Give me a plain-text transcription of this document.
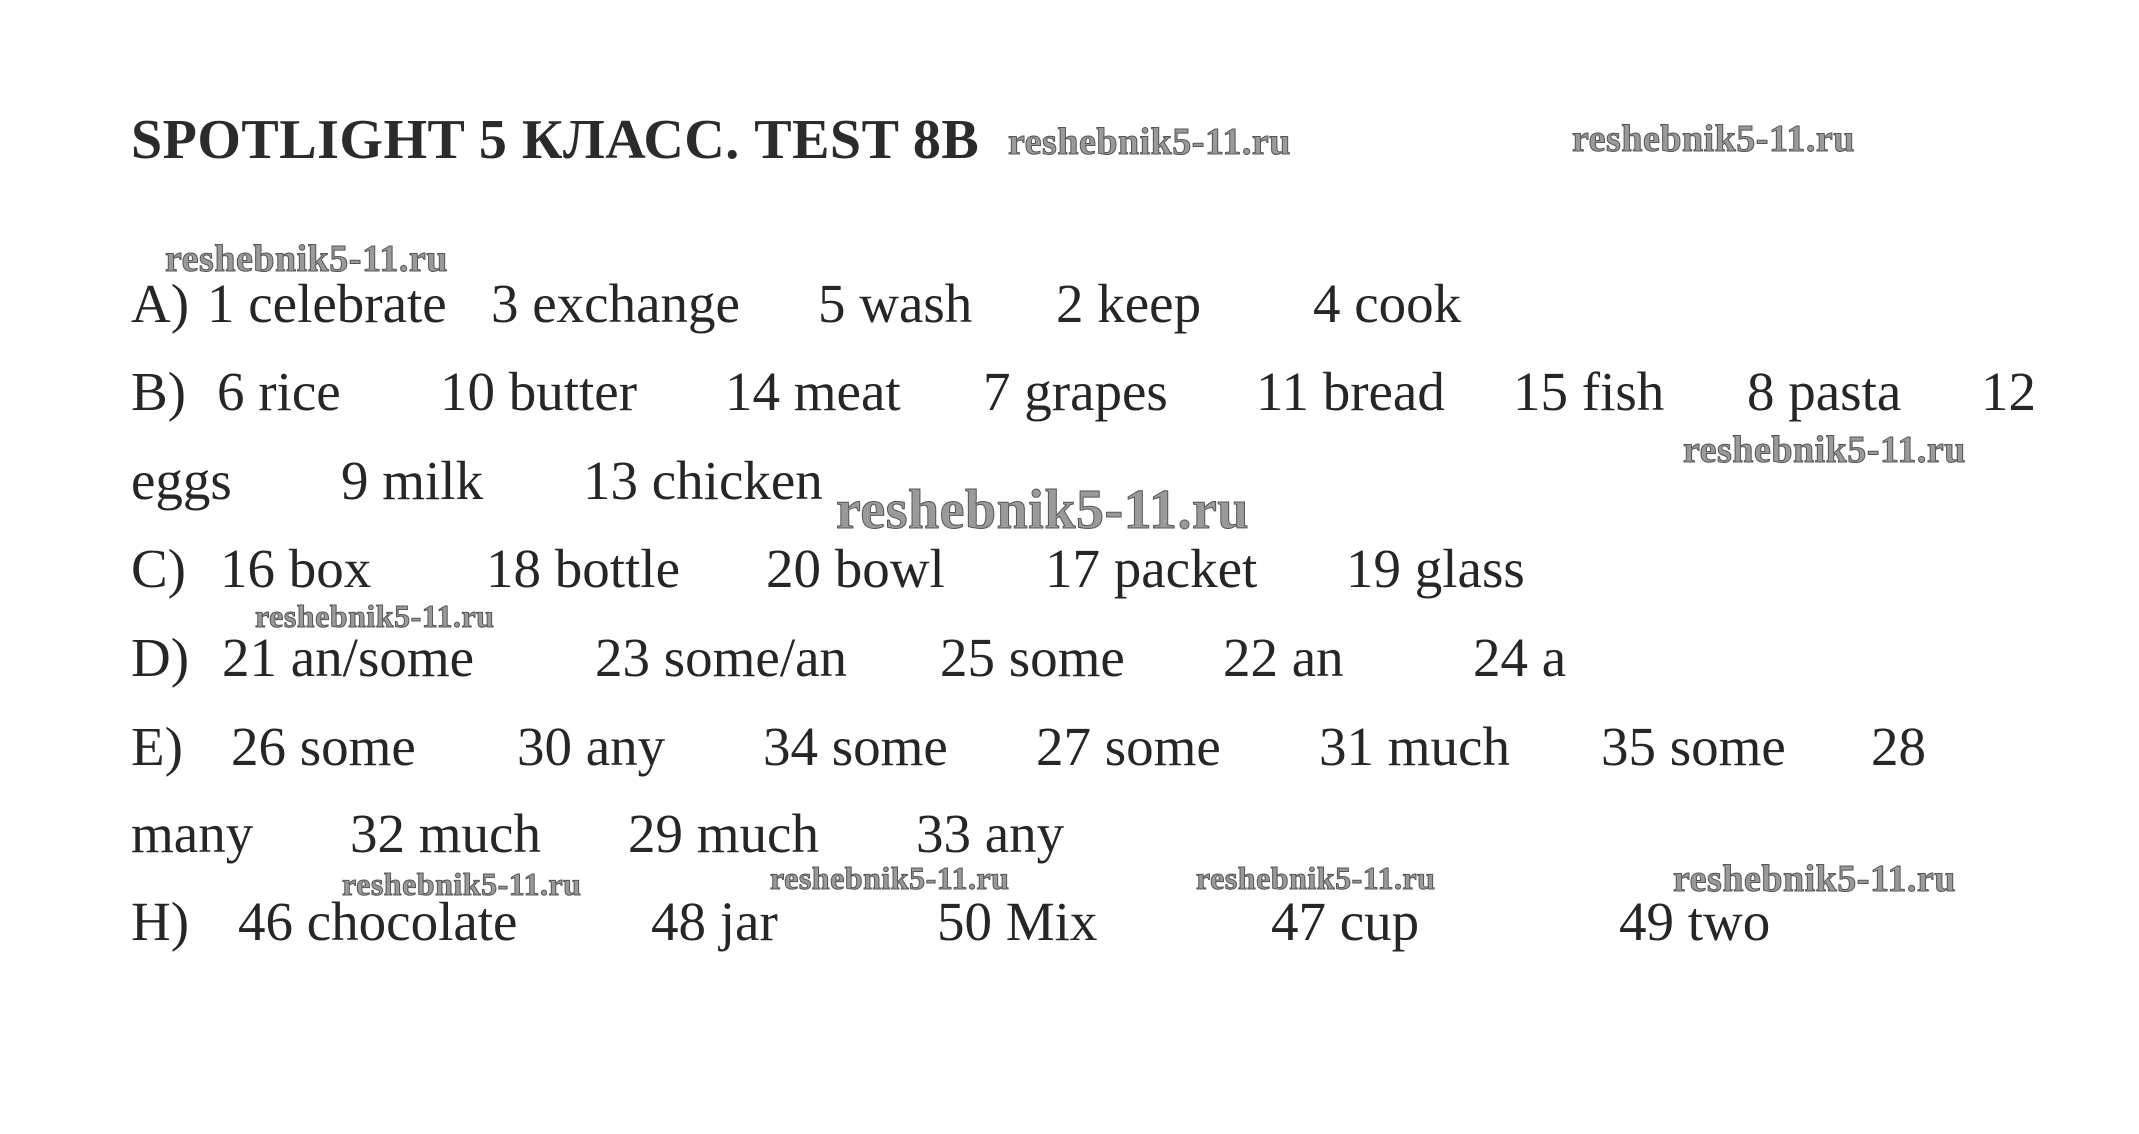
SPOTLIGHT 5 КЛАСС. TEST 8B
A) 1 celebrate 3 exchange 5 wash 2 keep 4 cook
B) 6 rice 10 butter 14 meat 7 grapes 11 bread 15 fish 8 pasta 12
eggs 9 milk 13 chicken
C) 16 box 18 bottle 20 bowl 17 packet 19 glass
D) 21 an/some 23 some/an 25 some 22 an 24 a
E) 26 some 30 any 34 some 27 some 31 much 35 some 28
many 32 much 29 much 33 any
H) 46 chocolate 48 jar	50 Mix	47 cup	49 two
reshebnik5-11.ru	reshebnik5-11.ru
reshebnik5-11.ru
reshebnik5-11.ru
reshebnik5-11.ru
reshebnik5-11.ru
reshebnik5-11.ru	reshebnik5-11.ru	reshebnik5-11.ru	reshebnik5-11.ru
